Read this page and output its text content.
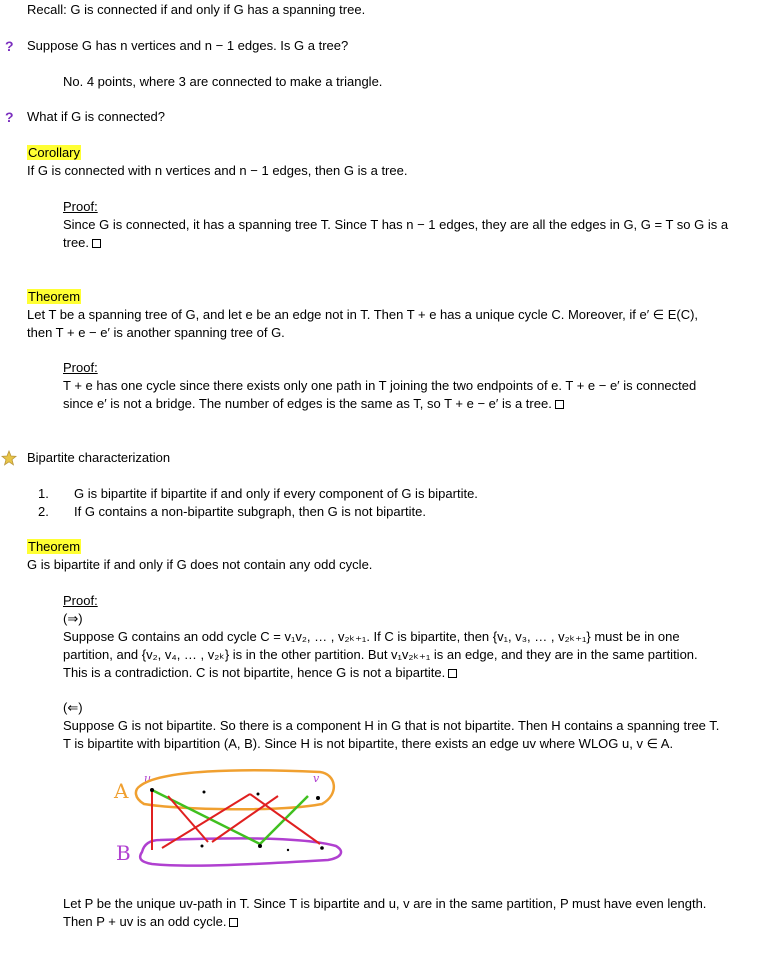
Recall: G is connected if and only if G has a spanning tree.
? Suppose G has n vertices and n − 1 edges. Is G a tree?
No. 4 points, where 3 are connected to make a triangle.
? What if G is connected?
Corollary
If G is connected with n vertices and n − 1 edges, then G is a tree.
Proof:
Since G is connected, it has a spanning tree T. Since T has n − 1 edges, they are all the edges in G, G = T so G is a
tree.
Theorem
Let T be a spanning tree of G, and let e be an edge not in T. Then T + e has a unique cycle C. Moreover, if e′ ∈ E(C),
then T + e − e′ is another spanning tree of G.
Proof:
T + e has one cycle since there exists only one path in T joining the two endpoints of e. T + e − e′ is connected
since e′ is not a bridge. The number of edges is the same as T, so T + e − e′ is a tree.
Bipartite characterization
1. G is bipartite if bipartite if and only if every component of G is bipartite.
2. If G contains a non-bipartite subgraph, then G is not bipartite.
Theorem
G is bipartite if and only if G does not contain any odd cycle.
Proof:
(⇒)
Suppose G contains an odd cycle C = v₁v₂, … , v₂ₖ₊₁. If C is bipartite, then {v₁, v₃, … , v₂ₖ₊₁} must be in one
partition, and {v₂, v₄, … , v₂ₖ} is in the other partition. But v₁v₂ₖ₊₁ is an edge, and they are in the same partition.
This is a contradiction. C is not bipartite, hence G is not a bipartite.
(⇐)
Suppose G is not bipartite. So there is a component H in G that is not bipartite. Then H contains a spanning tree T.
T is bipartite with bipartition (A, B). Since H is not bipartite, there exists an edge uv where WLOG u, v ∈ A.
A
B
u	v
Let P be the unique uv-path in T. Since T is bipartite and u, v are in the same partition, P must have even length.
Then P + uv is an odd cycle.
